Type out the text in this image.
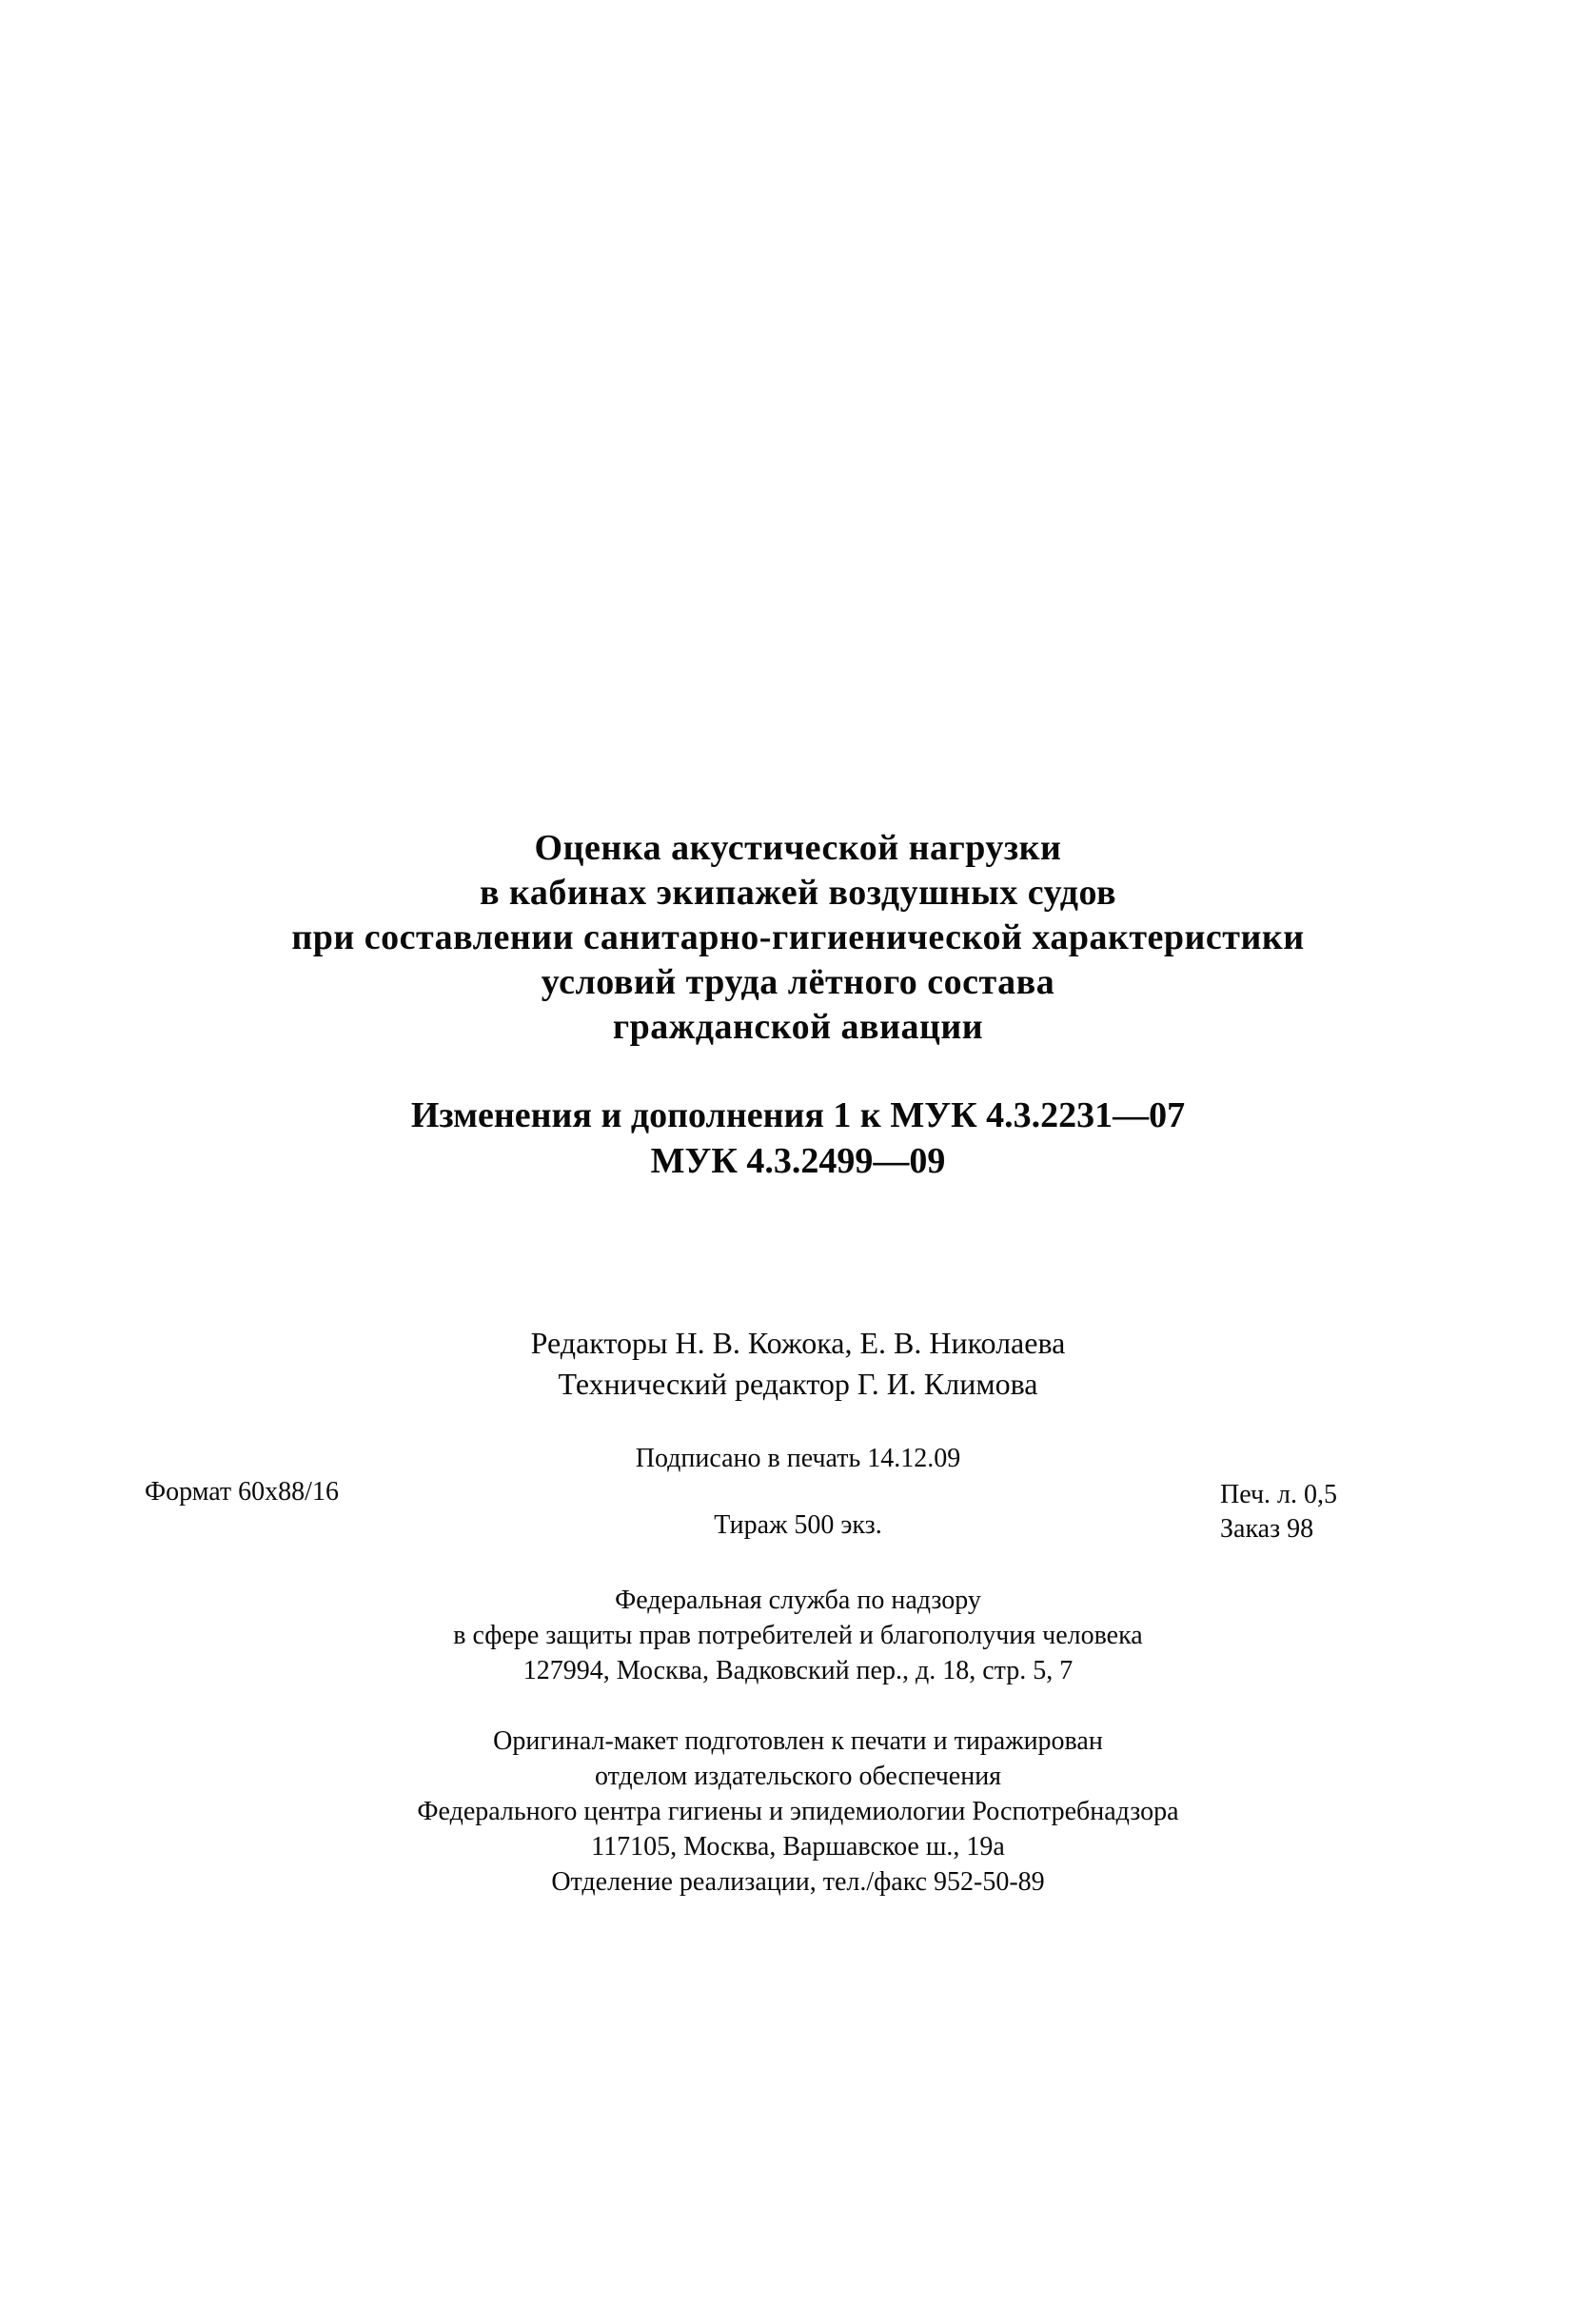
Оценка акустической нагрузки
в кабинах экипажей воздушных судов
при составлении санитарно-гигиенической характеристики
условий труда лётного состава
гражданской авиации
Изменения и дополнения 1 к МУК 4.3.2231—07
МУК 4.3.2499—09
Редакторы Н. В. Кожока, Е. В. Николаева
Технический редактор Г. И. Климова
Подписано в печать 14.12.09
Формат 60х88/16	Печ. л. 0,5
Тираж 500 экз.	Заказ 98
Федеральная служба по надзору
в сфере защиты прав потребителей и благополучия человека
127994, Москва, Вадковский пер., д. 18, стр. 5, 7
Оригинал-макет подготовлен к печати и тиражирован
отделом издательского обеспечения
Федерального центра гигиены и эпидемиологии Роспотребнадзора
117105, Москва, Варшавское ш., 19а
Отделение реализации, тел./факс 952-50-89
